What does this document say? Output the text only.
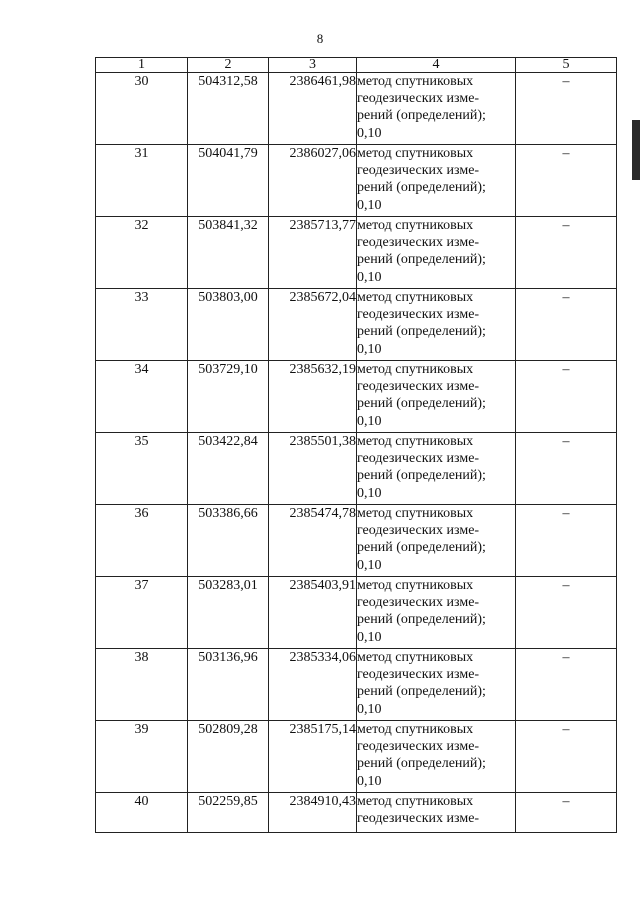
8
1	2	3	4	5
30	504312,58	2386461,98	метод спутниковых
геодезических изме-
рений (определений);
0,10	–
31	504041,79	2386027,06	метод спутниковых
геодезических изме-
рений (определений);
0,10	–
32	503841,32	2385713,77	метод спутниковых
геодезических изме-
рений (определений);
0,10	–
33	503803,00	2385672,04	метод спутниковых
геодезических изме-
рений (определений);
0,10	–
34	503729,10	2385632,19	метод спутниковых
геодезических изме-
рений (определений);
0,10	–
35	503422,84	2385501,38	метод спутниковых
геодезических изме-
рений (определений);
0,10	–
36	503386,66	2385474,78	метод спутниковых
геодезических изме-
рений (определений);
0,10	–
37	503283,01	2385403,91	метод спутниковых
геодезических изме-
рений (определений);
0,10	–
38	503136,96	2385334,06	метод спутниковых
геодезических изме-
рений (определений);
0,10	–
39	502809,28	2385175,14	метод спутниковых
геодезических изме-
рений (определений);
0,10	–
40	502259,85	2384910,43	метод спутниковых
геодезических изме-	–
